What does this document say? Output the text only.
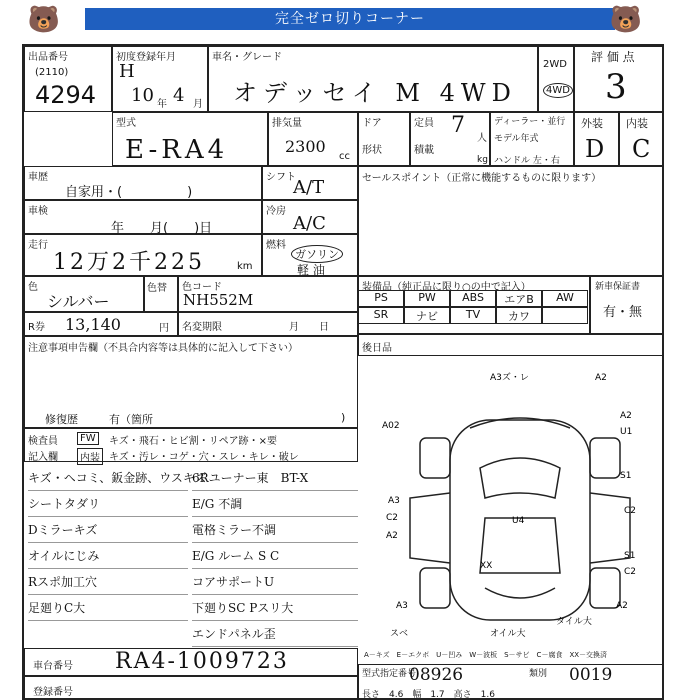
🐻	完全ゼロ切りコーナー	🐻
出品番号
(2110)
4294
初度登録年月
H
10 年 4 月
車名・グレード
オデッセイ M 4WD
2WD
4WD
評 価 点
3
型式
E-RA4
排気量
2300
cc
ドア
形状
定員 7
人
積載
kg
ディーラー・並行
モデル年式
ハンドル 左・右
外装
D
内装
C
車歴
自家用・(　　　　　)
シフト
A/T	セールスポイント（正常に機能するものに限ります）
車検
年　　月(　　)日
冷房
A/C
走行
12万2千225	km
燃料
ガソリン
軽 油
色
シルバー
色替 色コード
NH552M
装備品（純正品に限り○の中で記入）
PS	PW	ABS	エアB	AW
SR	ナビ	TV	カワ
新車保証書
有・無
R券 13,140	円 名変期限	月　　日
後日品
注意事項申告欄（不具合内容等は具体的に記入して下さい）
修復歴	有（箇所	)
検査員	FW	キズ・飛石・ヒビ割・リペア跡・×要
記入欄	内装 キズ・汚レ・コゲ・穴・スレ・キレ・破レ
キズ・ヘコミ、鈑金跡、ウスキズ
シートタダリ
Dミラーキズ
オイルにじみ
Rスポ加工穴
足廻りC大
6Rユーナー東　BT-X
E/G 不調
電格ミラー不調
E/G ルーム S C
コアサポートU
下廻りSC Pスリ大
エンドパネル歪
A3ズ・レ	A2
A02
A2
U1
S1
C2
U4
A3
C2
A2
XX
S1
C2
A3	A2
オイル大
タイル大
スベ
車台番号 RA4-1009723
登録番号
A－キズ　E－エクボ　U－凹み　W－波板　S－サビ　C－腐食　XX－交換済
型式指定番号
08926	類別 0019
長さ　4.6　幅　1.7　高さ　1.6
